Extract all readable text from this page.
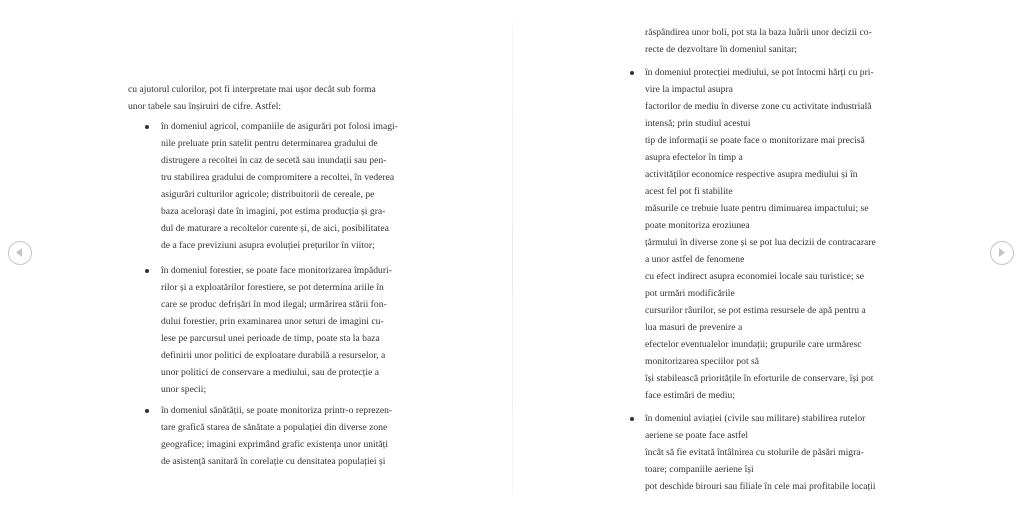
cu ajutorul culorilor, pot fi interpretate mai ușor decât sub forma
unor tabele sau înșiruiri de cifre. Astfel:
în domeniul agricol, companiile de asigurări pot folosi imagi-
nile preluate prin satelit pentru determinarea gradului de
distrugere a recoltei în caz de secetă sau inundații sau pen-
tru stabilirea gradului de compromitere a recoltei, în vederea
asigurări culturilor agricole; distribuitorii de cereale, pe
baza acelorași date în imagini, pot estima producția și gra-
dul de maturare a recoltelor curente și, de aici, posibilitatea
de a face previziuni asupra evoluției prețurilor în viitor;
în domeniul forestier, se poate face monitorizarea împăduri-
rilor și a exploatărilor forestiere, se pot determina ariile în
care se produc defrișări în mod ilegal; urmărirea stării fon-
dului forestier, prin examinarea unor seturi de imagini cu-
lese pe parcursul unei perioade de timp, poate sta la baza
definirii unor politici de exploatare durabilă a resurselor, a
unor politici de conservare a mediului, sau de protecție a
unor specii;
în domeniul sănătății, se poate monitoriza printr-o reprezen-
tare grafică starea de sănătate a populației din diverse zone
geografice; imagini exprimând grafic existența unor unități
de asistență sanitară în corelație cu densitatea populației și
răspândirea unor boli, pot sta la baza luării unor decizii co-
recte de dezvoltare în domeniul sanitar;
în domeniul protecției mediului, se pot întocmi hărți cu pri-
vire la impactul asupra
factorilor de mediu în diverse zone cu activitate industrială
intensă; prin studiul acestui
tip de informații se poate face o monitorizare mai precisă
asupra efectelor în timp a
activităților economice respective asupra mediului și în
acest fel pot fi stabilite
măsurile ce trebuie luate pentru diminuarea impactului; se
poate monitoriza eroziunea
țărmului în diverse zone și se pot lua decizii de contracarare
a unor astfel de fenomene
cu efect indirect asupra economiei locale sau turistice; se
pot urmări modificările
cursurilor râurilor, se pot estima resursele de apă pentru a
lua masuri de prevenire a
efectelor eventualelor inundații; grupurile care urmăresc
monitorizarea speciilor pot să
își stabilească prioritățile în eforturile de conservare, își pot
face estimări de mediu;
în domeniul aviației (civile sau militare) stabilirea rutelor
aeriene se poate face astfel
încât să fie evitată întâlnirea cu stolurile de păsări migra-
toare; companiile aeriene își
pot deschide birouri sau filiale în cele mai profitabile locații
